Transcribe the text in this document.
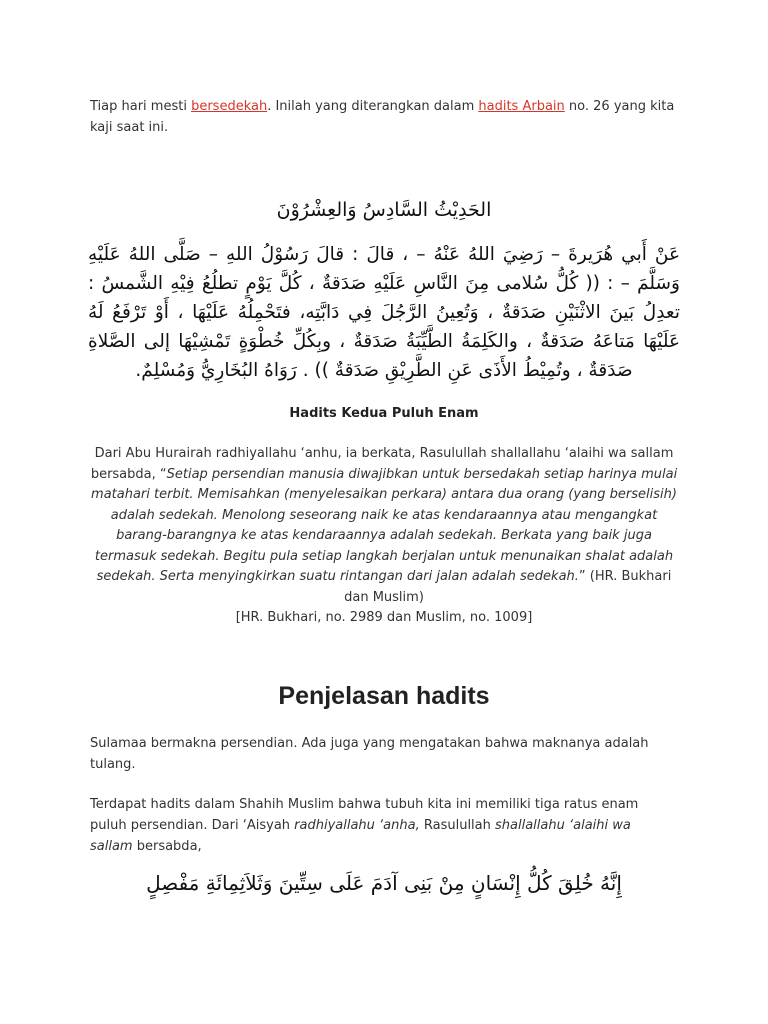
Tiap hari mesti bersedekah. Inilah yang diterangkan dalam hadits Arbain no. 26 yang kita kaji saat ini.

الحَدِيْثُ السَّادِسُ وَالعِشْرُوْنَ
عَنْ أَبي هُرَيرةَ – رَضِيَ اللهُ عَنْهُ – ، قالَ : قالَ رَسُوْلُ اللهِ – صَلَّى اللهُ عَلَيْهِ وَسَلَّمَ – : (( كُلُّ سُلامى مِنَ النَّاسِ عَلَيْهِ صَدَقةٌ ، كُلَّ يَوْمٍ تطلُعُ فِيْهِ الشَّمسُ : تعدِلُ بَينَ الاثْنَيْنِ صَدَقةٌ ، وَتُعِينُ الرَّجُلَ فِي دَابَّتِه، فتَحْمِلُهُ عَلَيْهَا ، أَوْ تَرْفَعُ لَهُ عَلَيْهَا مَتاعَهُ صَدَقةٌ ، والكَلِمَةُ الطَّيِّبَةُ صَدَقةٌ ، وبِكُلِّ خُطْوَةٍ تَمْشِيْهَا إلى الصَّلاةِ صَدَقةٌ ، وتُمِيْطُ الأَذَى عَنِ الطَّرِيْقِ صَدَقةٌ )) . رَوَاهُ البُخَارِيُّ وَمُسْلِمٌ.
Hadits Kedua Puluh Enam
Dari Abu Hurairah radhiyallahu ‘anhu, ia berkata, Rasulullah shallallahu ‘alaihi wa sallam bersabda, “Setiap persendian manusia diwajibkan untuk bersedakah setiap harinya mulai matahari terbit. Memisahkan (menyelesaikan perkara) antara dua orang (yang berselisih) adalah sedekah. Menolong seseorang naik ke atas kendaraannya atau mengangkat barang-barangnya ke atas kendaraannya adalah sedekah. Berkata yang baik juga termasuk sedekah. Begitu pula setiap langkah berjalan untuk menunaikan shalat adalah sedekah. Serta menyingkirkan suatu rintangan dari jalan adalah sedekah.” (HR. Bukhari dan Muslim)
[HR. Bukhari, no. 2989 dan Muslim, no. 1009]
Penjelasan hadits

Sulamaa bermakna persendian. Ada juga yang mengatakan bahwa maknanya adalah tulang.

Terdapat hadits dalam Shahih Muslim bahwa tubuh kita ini memiliki tiga ratus enam puluh persendian. Dari ‘Aisyah radhiyallahu ‘anha, Rasulullah shallallahu ‘alaihi wa sallam bersabda,

إِنَّهُ خُلِقَ كُلُّ إِنْسَانٍ مِنْ بَنِى آدَمَ عَلَى سِتِّينَ وَثَلاَثِمِائَةِ مَفْصِلٍ
